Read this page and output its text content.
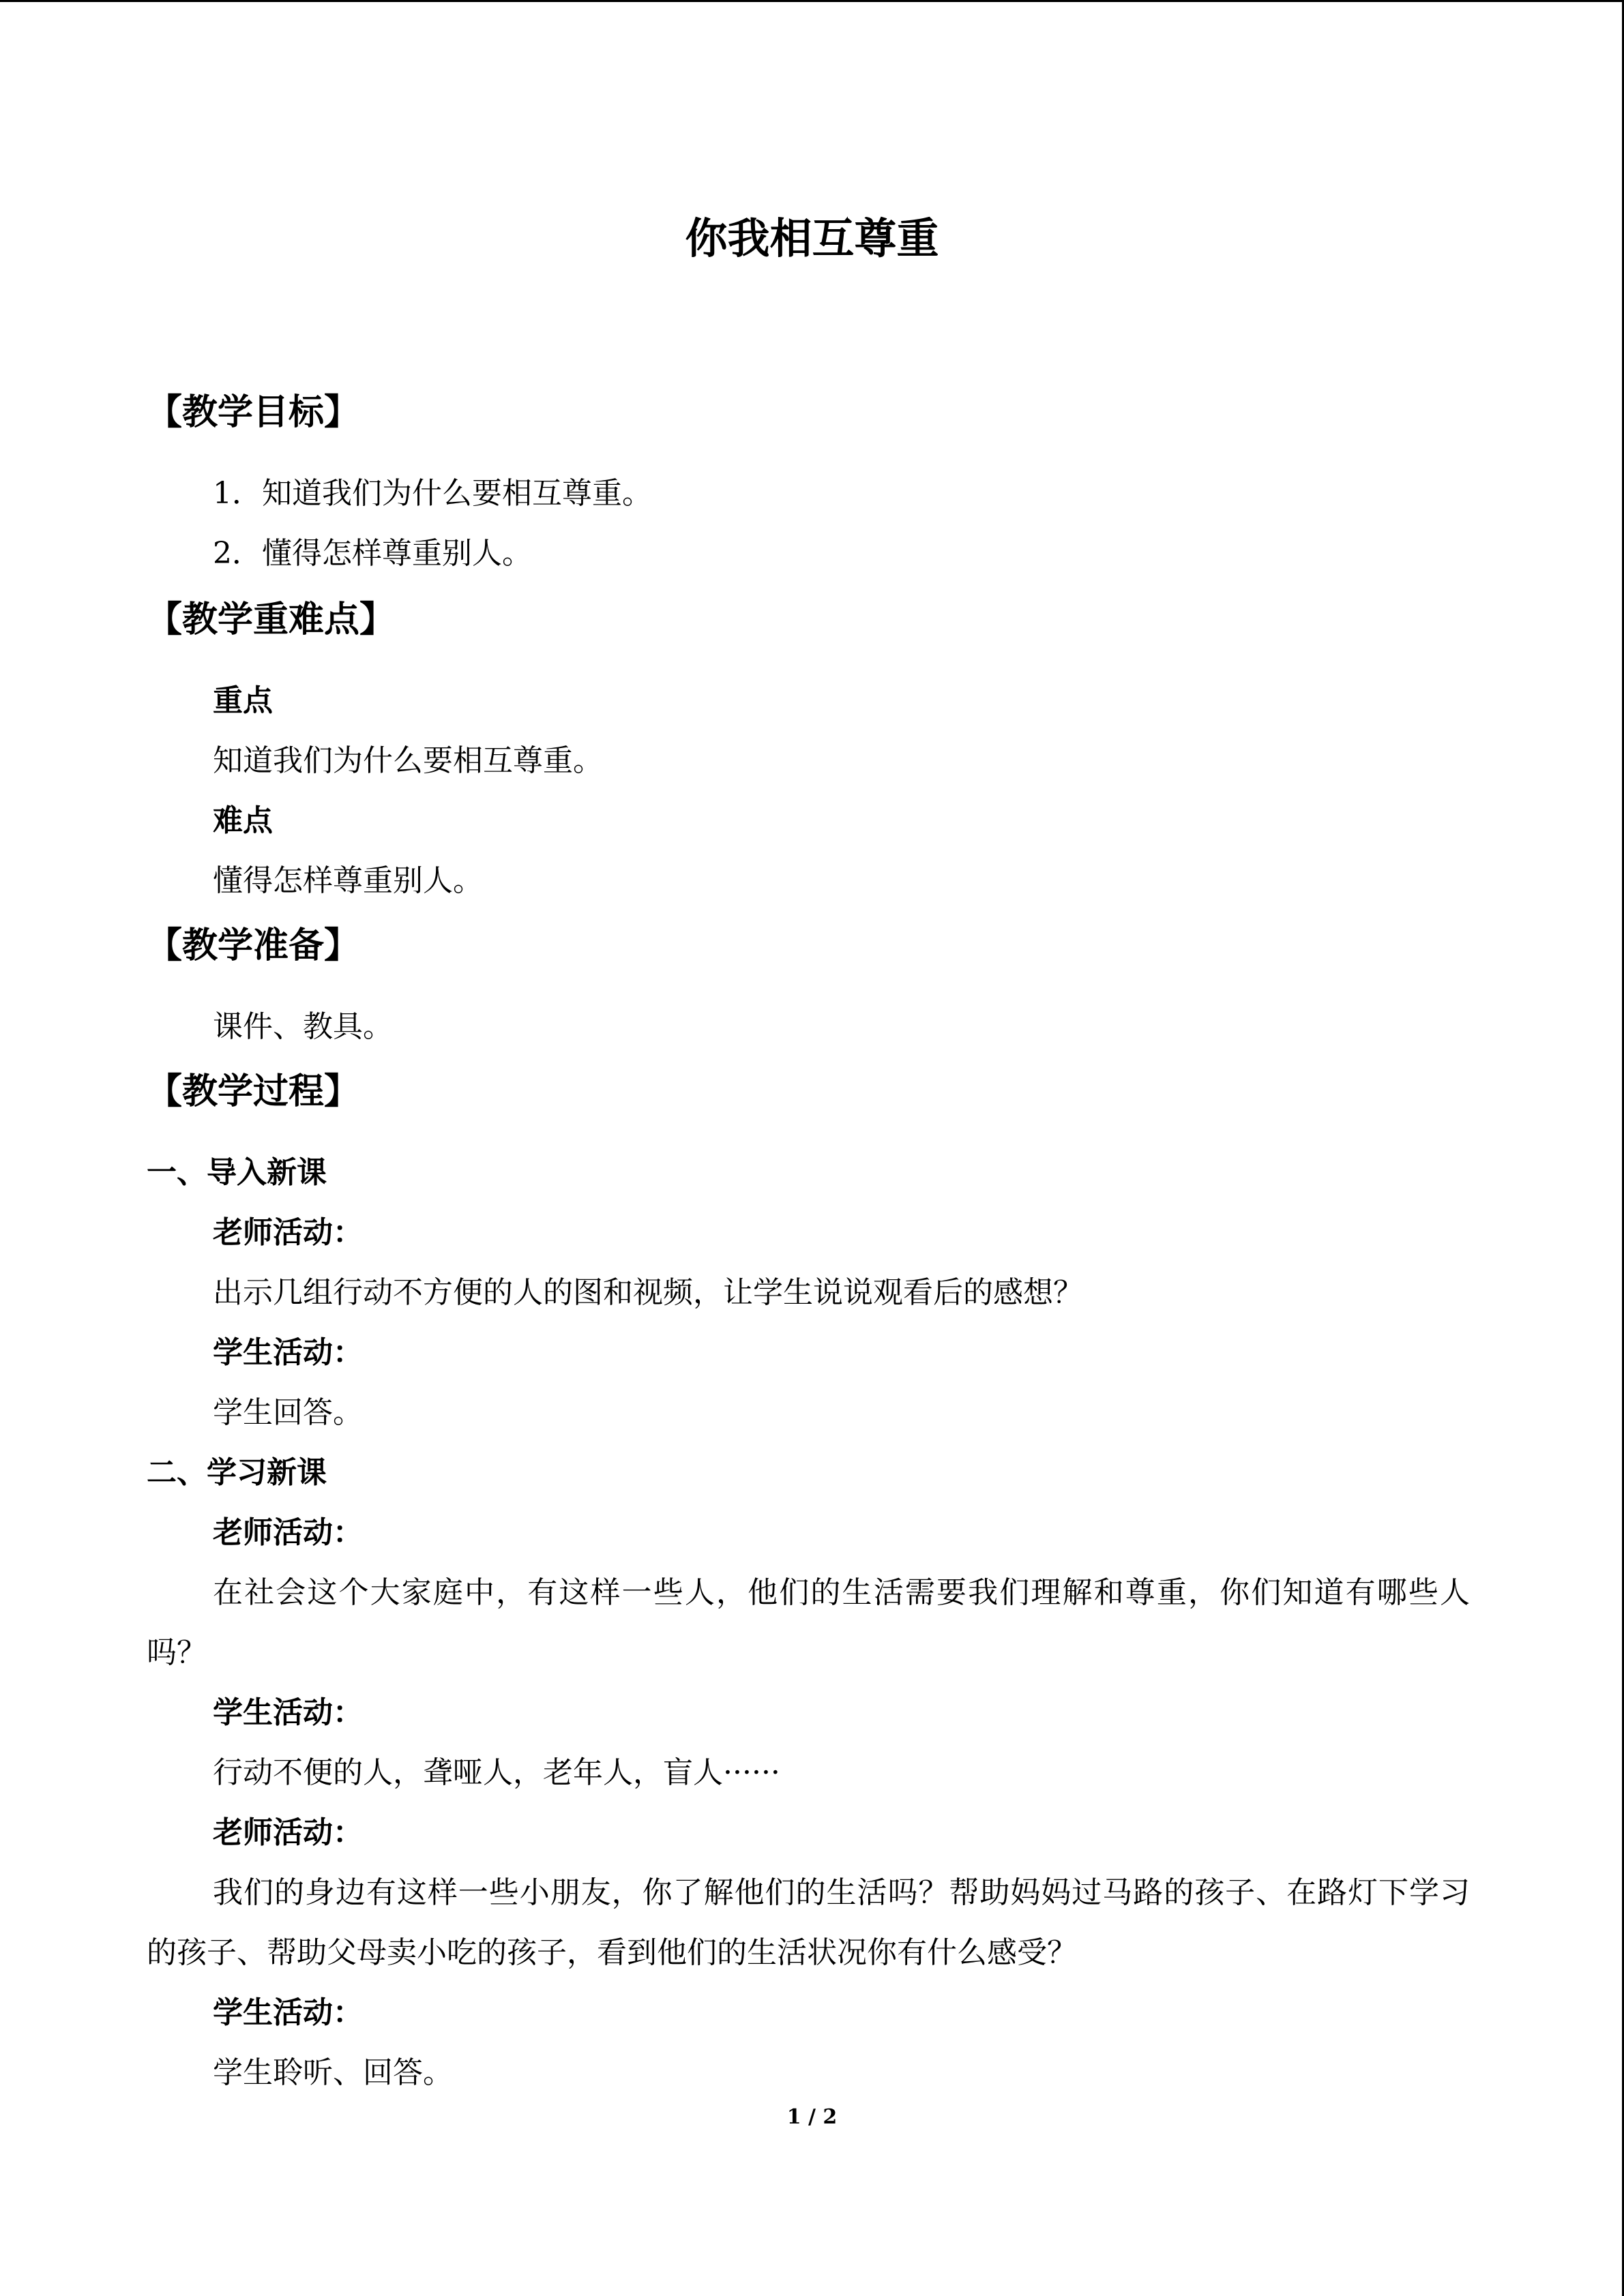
你我相互尊重
【教学目标】
1．知道我们为什么要相互尊重。
2．懂得怎样尊重别人。
【教学重难点】
重点
知道我们为什么要相互尊重。
难点
懂得怎样尊重别人。
【教学准备】
课件、教具。
【教学过程】
一、导入新课
老师活动：
出示几组行动不方便的人的图和视频，让学生说说观看后的感想？
学生活动：
学生回答。
二、学习新课
老师活动：
在社会这个大家庭中，有这样一些人，他们的生活需要我们理解和尊重，你们知道有哪些人吗？
学生活动：
行动不便的人，聋哑人，老年人，盲人······
老师活动：
我们的身边有这样一些小朋友，你了解他们的生活吗？帮助妈妈过马路的孩子、在路灯下学习的孩子、帮助父母卖小吃的孩子，看到他们的生活状况你有什么感受？
学生活动：
学生聆听、回答。
1 / 2
